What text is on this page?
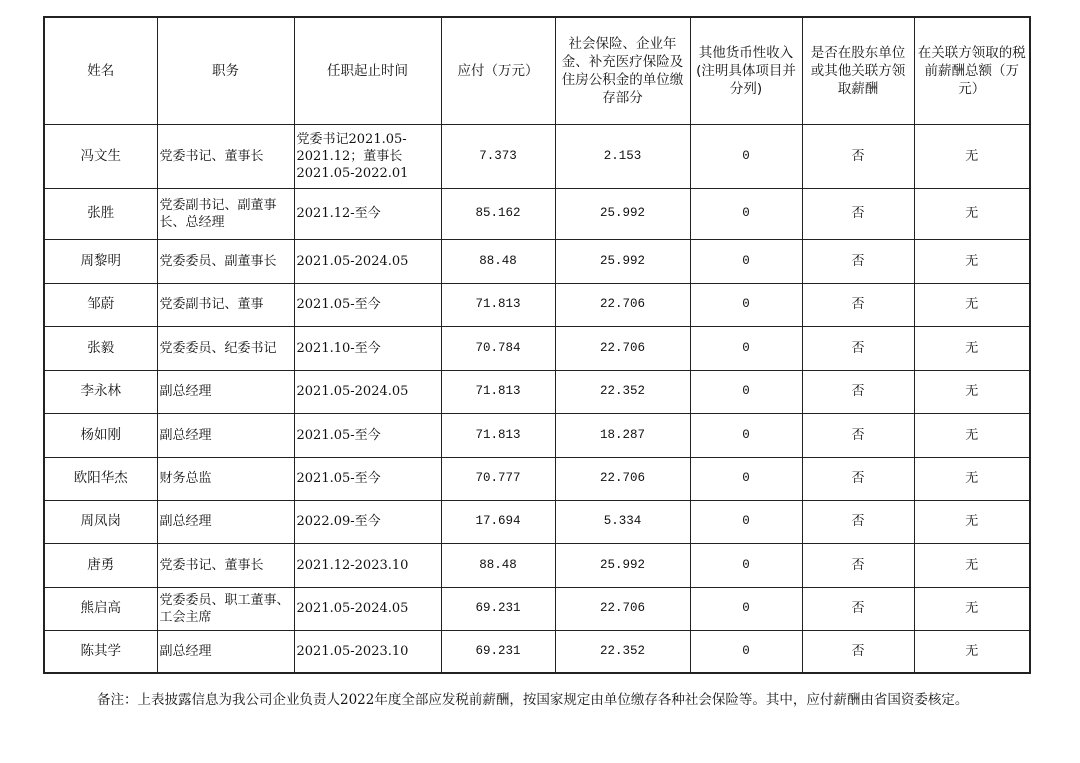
姓名	职务	任职起止时间	应付（万元）	社会保险、企业年金、补充医疗保险及住房公积金的单位缴存部分	其他货币性收入(注明具体项目并分列)	是否在股东单位或其他关联方领取薪酬	在关联方领取的税前薪酬总额（万元）
冯文生	党委书记、董事长	党委书记2021.05-2021.12；董事长2021.05-2022.01	7.373	2.153	0	否	无
张胜	党委副书记、副董事长、总经理	2021.12-至今	85.162	25.992	0	否	无
周黎明	党委委员、副董事长	2021.05-2024.05	88.48	25.992	0	否	无
邹蔚	党委副书记、董事	2021.05-至今	71.813	22.706	0	否	无
张毅	党委委员、纪委书记	2021.10-至今	70.784	22.706	0	否	无
李永林	副总经理	2021.05-2024.05	71.813	22.352	0	否	无
杨如刚	副总经理	2021.05-至今	71.813	18.287	0	否	无
欧阳华杰	财务总监	2021.05-至今	70.777	22.706	0	否	无
周凤岗	副总经理	2022.09-至今	17.694	5.334	0	否	无
唐勇	党委书记、董事长	2021.12-2023.10	88.48	25.992	0	否	无
熊启高	党委委员、职工董事、工会主席	2021.05-2024.05	69.231	22.706	0	否	无
陈其学	副总经理	2021.05-2023.10	69.231	22.352	0	否	无
备注：上表披露信息为我公司企业负责人2022年度全部应发税前薪酬，按国家规定由单位缴存各种社会保险等。其中，应付薪酬由省国资委核定。
